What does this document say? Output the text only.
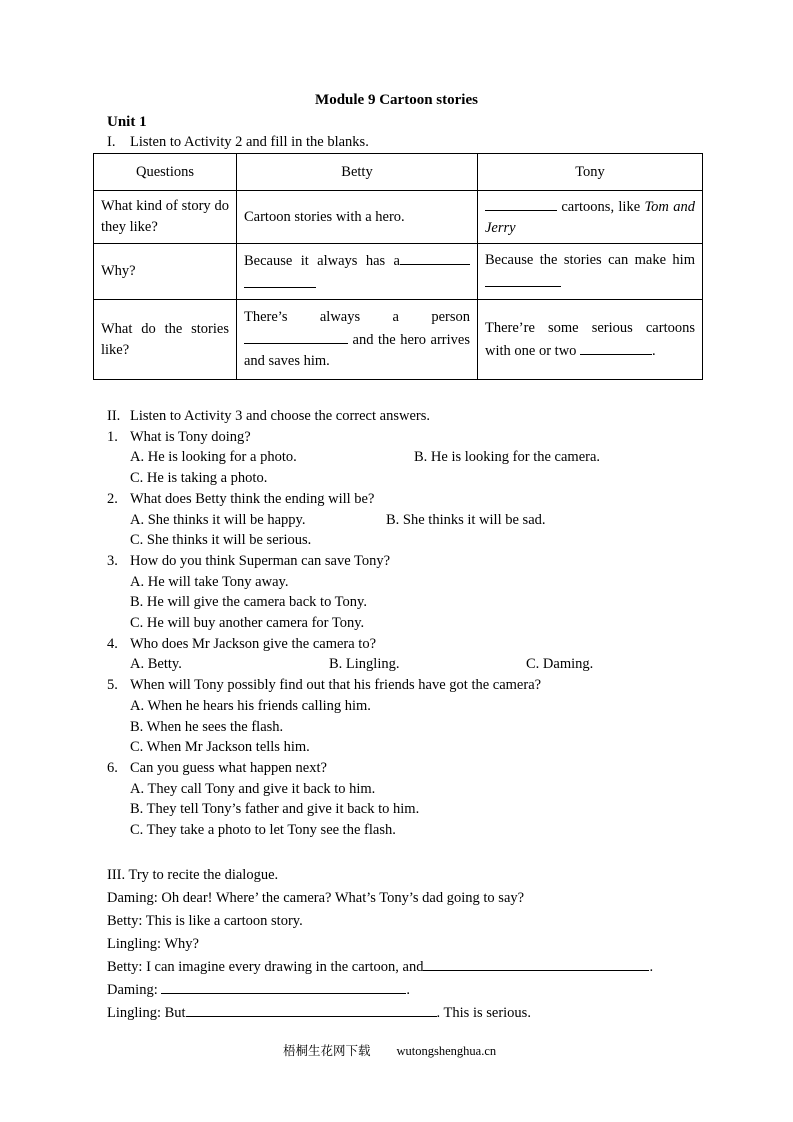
Module 9 Cartoon stories
Unit 1
I. Listen to Activity 2 and fill in the blanks.
Questions	Betty	Tony
What kind of story do they like?	Cartoon stories with a hero.	cartoons, like Tom and Jerry
Why?	Because it always has a	Because the stories can make him
What do the stories like?	There’s always a person  and the hero arrives and saves him.	There’re some serious cartoons with one or two .
II. Listen to Activity 3 and choose the correct answers.
1. What is Tony doing?
A. He is looking for a photo.	B. He is looking for the camera.
C. He is taking a photo.
2. What does Betty think the ending will be?
A. She thinks it will be happy.	B. She thinks it will be sad.
C. She thinks it will be serious.
3. How do you think Superman can save Tony?
A. He will take Tony away.
B. He will give the camera back to Tony.
C. He will buy another camera for Tony.
4. Who does Mr Jackson give the camera to?
A. Betty.	B. Lingling.	C. Daming.
5. When will Tony possibly find out that his friends have got the camera?
A. When he hears his friends calling him.
B. When he sees the flash.
C. When Mr Jackson tells him.
6. Can you guess what happen next?
A. They call Tony and give it back to him.
B. They tell Tony’s father and give it back to him.
C. They take a photo to let Tony see the flash.
III. Try to recite the dialogue.
Daming: Oh dear! Where’ the camera? What’s Tony’s dad going to say?
Betty: This is like a cartoon story.
Lingling: Why?
Betty: I can imagine every drawing in the cartoon, and	.
Daming:	.
Lingling: But	. This is serious.
梧桐生花网下载 wutongshenghua.cn
